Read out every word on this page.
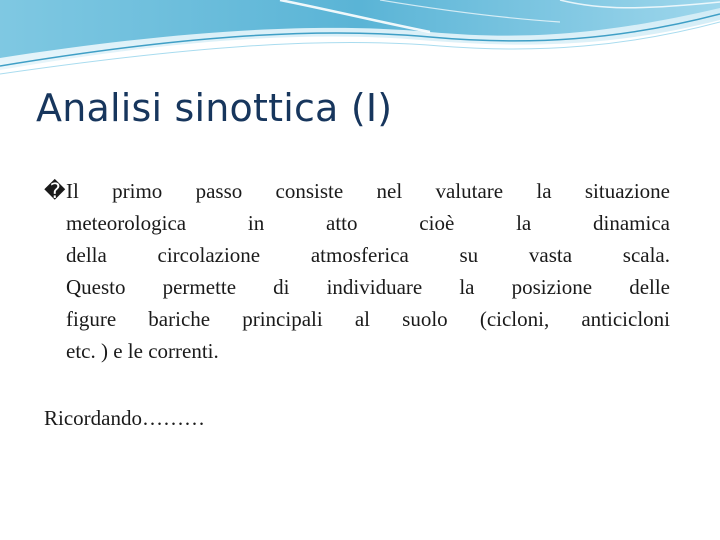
Analisi sinottica (I)
�Il primo passo consiste nel valutare la situazione
meteorologica in atto cioè la dinamica
della circolazione atmosferica su vasta scala.
Questo permette di individuare la posizione delle
figure bariche principali al suolo (cicloni, anticicloni
etc. ) e le correnti.

Ricordando………
